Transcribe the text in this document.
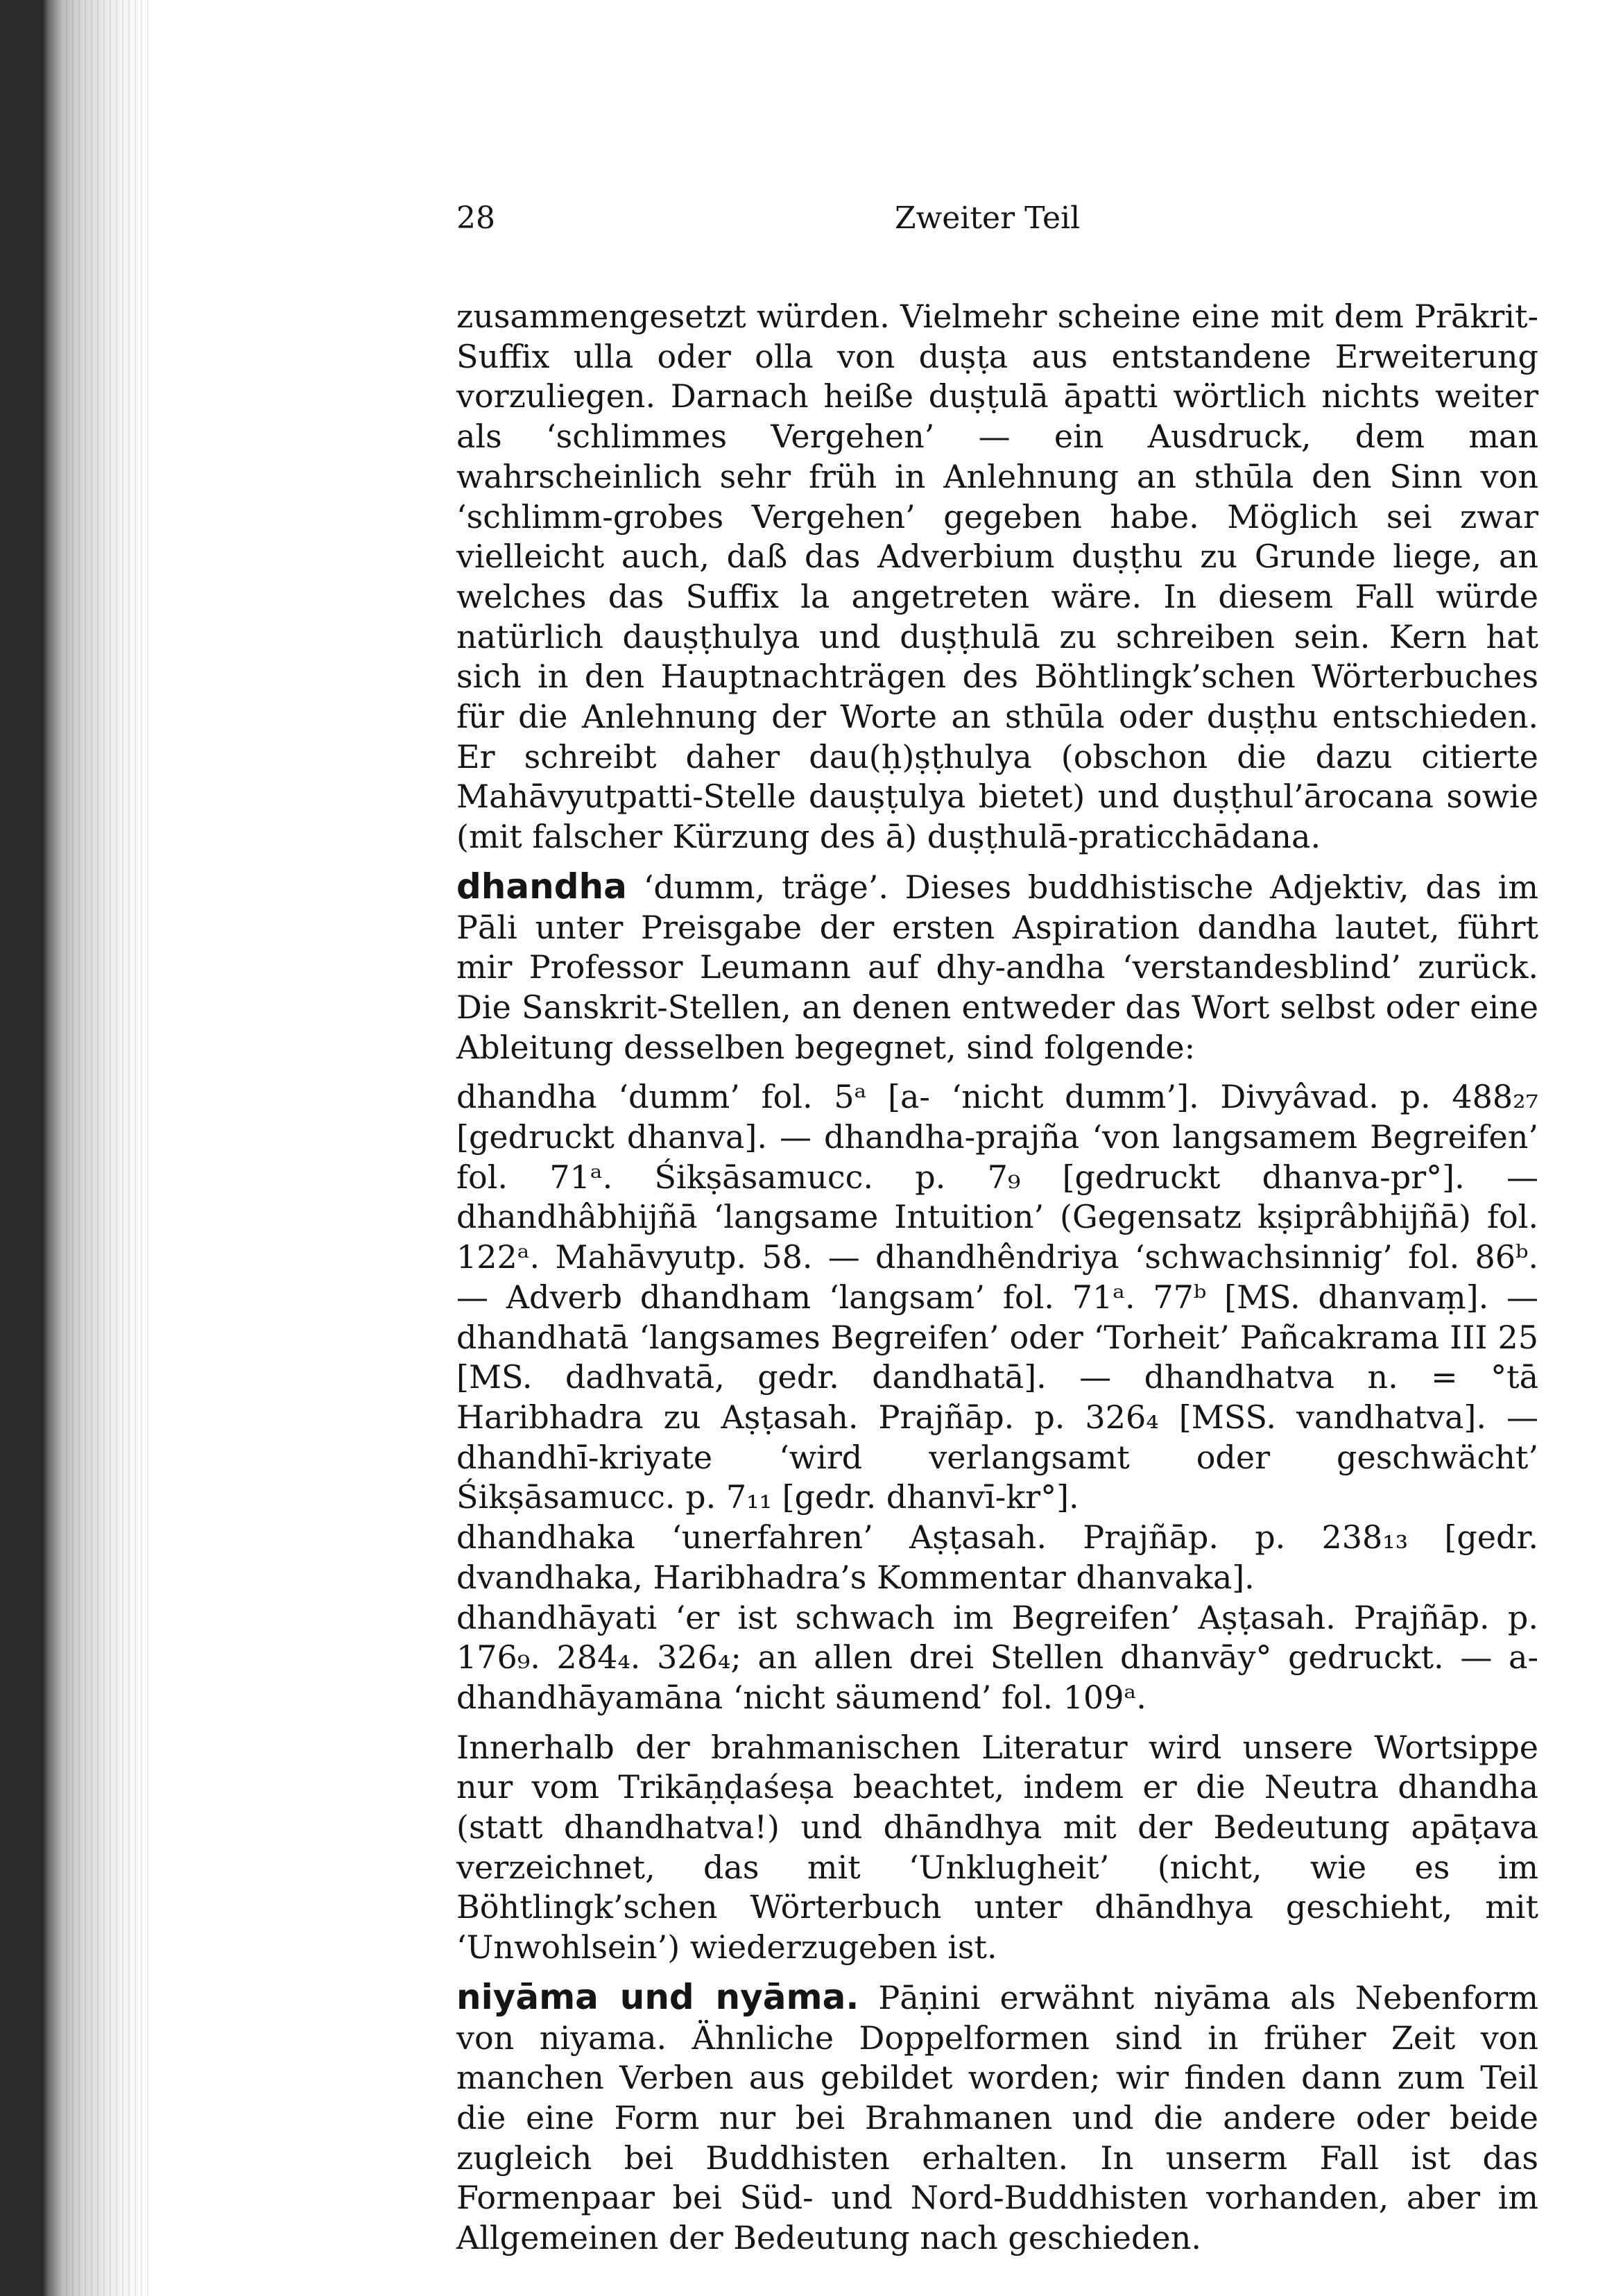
28	Zweiter Teil

zusammengesetzt würden. Vielmehr scheine eine mit dem Prākrit-Suffix ulla oder olla von duṣṭa aus entstandene Erweiterung vorzuliegen. Darnach heiße duṣṭulā āpatti wörtlich nichts weiter als ‘schlimmes Vergehen’ — ein Ausdruck, dem man wahrscheinlich sehr früh in Anlehnung an sthūla den Sinn von ‘schlimm-grobes Vergehen’ gegeben habe. Möglich sei zwar vielleicht auch, daß das Adverbium duṣṭhu zu Grunde liege, an welches das Suffix la angetreten wäre. In diesem Fall würde natürlich dauṣṭhulya und duṣṭhulā zu schreiben sein. Kern hat sich in den Hauptnachträgen des Böhtlingk’schen Wörterbuches für die Anlehnung der Worte an sthūla oder duṣṭhu entschieden. Er schreibt daher dau(ḥ)ṣṭhulya (obschon die dazu citierte Mahāvyutpatti-Stelle dauṣṭulya bietet) und duṣṭhul’ārocana sowie (mit falscher Kürzung des ā) duṣṭhulā-praticchādana.

dhandha ‘dumm, träge’. Dieses buddhistische Adjektiv, das im Pāli unter Preisgabe der ersten Aspiration dandha lautet, führt mir Professor Leumann auf dhy-andha ‘verstandesblind’ zurück. Die Sanskrit-Stellen, an denen entweder das Wort selbst oder eine Ableitung desselben begegnet, sind folgende:

dhandha ‘dumm’ fol. 5ᵃ [a- ‘nicht dumm’]. Divyâvad. p. 488₂₇ [gedruckt dhanva]. — dhandha-prajña ‘von langsamem Begreifen’ fol. 71ᵃ. Śikṣāsamucc. p. 7₉ [gedruckt dhanva-pr°]. — dhandhâbhijñā ‘langsame Intuition’ (Gegensatz kṣiprâbhijñā) fol. 122ᵃ. Mahāvyutp. 58. — dhandhêndriya ‘schwachsinnig’ fol. 86ᵇ. — Adverb dhandham ‘langsam’ fol. 71ᵃ. 77ᵇ [MS. dhanvaṃ]. — dhandhatā ‘langsames Begreifen’ oder ‘Torheit’ Pañcakrama III 25 [MS. dadhvatā, gedr. dandhatā]. — dhandhatva n. = °tā Haribhadra zu Aṣṭasah. Prajñāp. p. 326₄ [MSS. vandhatva]. — dhandhī-kriyate ‘wird verlangsamt oder geschwächt’ Śikṣāsamucc. p. 7₁₁ [gedr. dhanvī-kr°].

dhandhaka ‘unerfahren’ Aṣṭasah. Prajñāp. p. 238₁₃ [gedr. dvandhaka, Haribhadra’s Kommentar dhanvaka].

dhandhāyati ‘er ist schwach im Begreifen’ Aṣṭasah. Prajñāp. p. 176₉. 284₄. 326₄; an allen drei Stellen dhanvāy° gedruckt. — a-dhandhāyamāna ‘nicht säumend’ fol. 109ᵃ.

Innerhalb der brahmanischen Literatur wird unsere Wortsippe nur vom Trikāṇḍaśeṣa beachtet, indem er die Neutra dhandha (statt dhandhatva!) und dhāndhya mit der Bedeutung apāṭava verzeichnet, das mit ‘Unklugheit’ (nicht, wie es im Böhtlingk’schen Wörterbuch unter dhāndhya geschieht, mit ‘Unwohlsein’) wiederzugeben ist.

niyāma und nyāma. Pāṇini erwähnt niyāma als Nebenform von niyama. Ähnliche Doppelformen sind in früher Zeit von manchen Verben aus gebildet worden; wir finden dann zum Teil die eine Form nur bei Brahmanen und die andere oder beide zugleich bei Buddhisten erhalten. In unserm Fall ist das Formenpaar bei Süd- und Nord-Buddhisten vorhanden, aber im Allgemeinen der Bedeutung nach geschieden.
